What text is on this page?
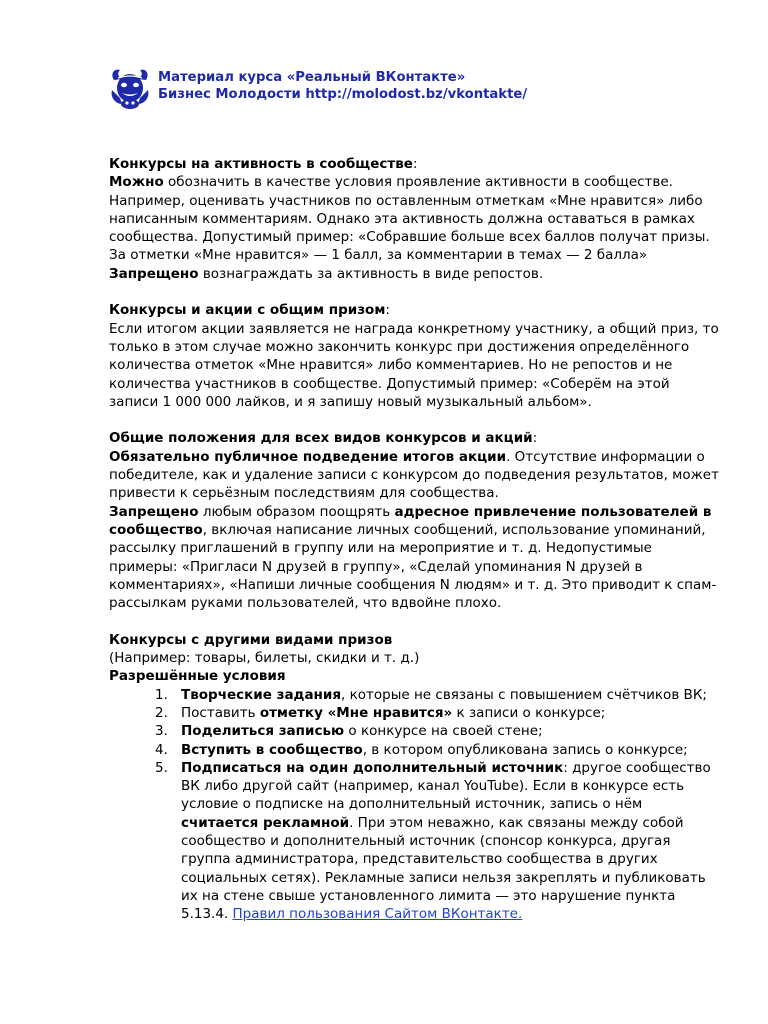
Материал курса «Реальный ВКонтакте»
Бизнес Молодости http://molodost.bz/vkontakte/

Конкурсы на активность в сообществе:

Можно обозначить в качестве условия проявление активности в сообществе. Например, оценивать участников по оставленным отметкам «Мне нравится» либо написанным комментариям. Однако эта активность должна оставаться в рамках сообщества. Допустимый пример: «Собравшие больше всех баллов получат призы. За отметки «Мне нравится» — 1 балл, за комментарии в темах — 2 балла»

Запрещено вознаграждать за активность в виде репостов.

Конкурсы и акции с общим призом:

Если итогом акции заявляется не награда конкретному участнику, а общий приз, то только в этом случае можно закончить конкурс при достижения определённого количества отметок «Мне нравится» либо комментариев. Но не репостов и не количества участников в сообществе. Допустимый пример: «Соберём на этой записи 1 000 000 лайков, и я запишу новый музыкальный альбом».

Общие положения для всех видов конкурсов и акций:

Обязательно публичное подведение итогов акции. Отсутствие информации о победителе, как и удаление записи с конкурсом до подведения результатов, может привести к серьёзным последствиям для сообщества.

Запрещено любым образом поощрять адресное привлечение пользователей в сообщество, включая написание личных сообщений, использование упоминаний, рассылку приглашений в группу или на мероприятие и т. д. Недопустимые примеры: «Пригласи N друзей в группу», «Сделай упоминания N друзей в комментариях», «Напиши личные сообщения N людям» и т. д. Это приводит к спам-рассылкам руками пользователей, что вдвойне плохо.

Конкурсы с другими видами призов

(Например: товары, билеты, скидки и т. д.)

Разрешённые условия

1. Творческие задания, которые не связаны с повышением счётчиков ВК;
2. Поставить отметку «Мне нравится» к записи о конкурсе;
3. Поделиться записью о конкурсе на своей стене;
4. Вступить в сообщество, в котором опубликована запись о конкурсе;
5. Подписаться на один дополнительный источник: другое сообщество ВК либо другой сайт (например, канал YouTube). Если в конкурсе есть условие о подписке на дополнительный источник, запись о нём считается рекламной. При этом неважно, как связаны между собой сообщество и дополнительный источник (спонсор конкурса, другая группа администратора, представительство сообщества в других социальных сетях). Рекламные записи нельзя закреплять и публиковать их на стене свыше установленного лимита — это нарушение пункта 5.13.4. Правил пользования Сайтом ВКонтакте.
